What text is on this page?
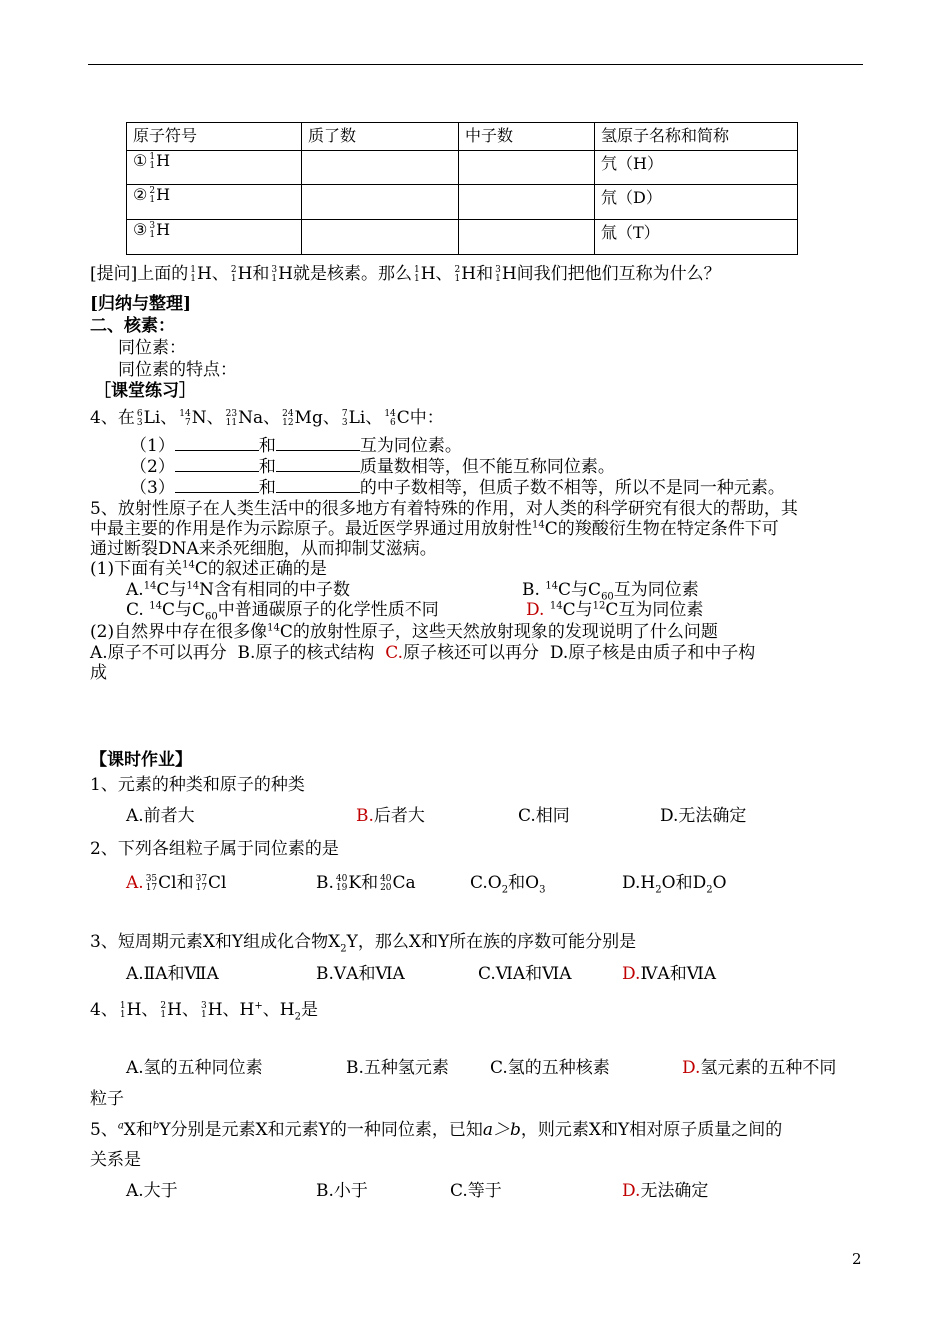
原子符号	质了数	中子数	氢原子名称和简称
① 1
1 H			氕（H）
② 2
1 H			氘（D）
③ 3
1 H			氚（T）
[提问]上面的 1
1 H、 2
1 H和 3
1 H就是核素。那么 1
1 H、 2
1 H和 3
1 H间我们把他们互称为什么？
[归纳与整理]
二、核素：
同位素：
同位素的特点：
［课堂练习］
4、在 6
3 Li、 14
7 N、 23
11 Na、 24
12 Mg、 7
3 Li、 14
6 C中：
（1）	和	互为同位素。
（2）	和	质量数相等，但不能互称同位素。
（3）	和	的中子数相等，但质子数不相等，所以不是同一种元素。
5、放射性原子在人类生活中的很多地方有着特殊的作用，对人类的科学研究有很大的帮助，其
中最主要的作用是作为示踪原子。最近医学界通过用放射性$^{14}$C的羧酸衍生物在特定条件下可
通过断裂DNA来杀死细胞，从而抑制艾滋病。
(1)下面有关$^{14}$C的叙述正确的是
A.$^{14}$C与$^{14}$N含有相同的中子数	B. $^{14}$C与$C_{60}$互为同位素
C. $^{14}$C与$C_{60}$中普通碳原子的化学性质不同	D. $^{14}$C与$^{12}$C互为同位素
(2)自然界中存在很多像$^{14}$C的放射性原子，这些天然放射现象的发现说明了什么问题
A.原子不可以再分 B.原子的核式结构 C.原子核还可以再分 D.原子核是由质子和中子构
成
【课时作业】
1、元素的种类和原子的种类
A.前者大	B.后者大	C.相同	D.无法确定
2、下列各组粒子属于同位素的是
A. 35
17 Cl和 37
17 Cl	B. 40
19 K和 40
20 Ca	$C.O_2$和$O_3$	$D.H_2O$和$D_2O$
3、短周期元素X和Y组成化合物$X_2Y$，那么X和Y所在族的序数可能分别是
A.ⅡA和ⅦA	B.ⅤA和ⅥA	C.ⅥA和ⅥA	D.ⅣA和ⅥA
4、 1
1 H、 2
1 H、 3
1 H、H+、$H_2$是
A.氢的五种同位素	B.五种氢元素 C.氢的五种核素	D.氢元素的五种不同
粒子
5、$^a$X和$^b$Y分别是元素X和元素Y的一种同位素，已知a＞b，则元素X和Y相对原子质量之间的
关系是
A.大于	B.小于	C.等于	D.无法确定
2
